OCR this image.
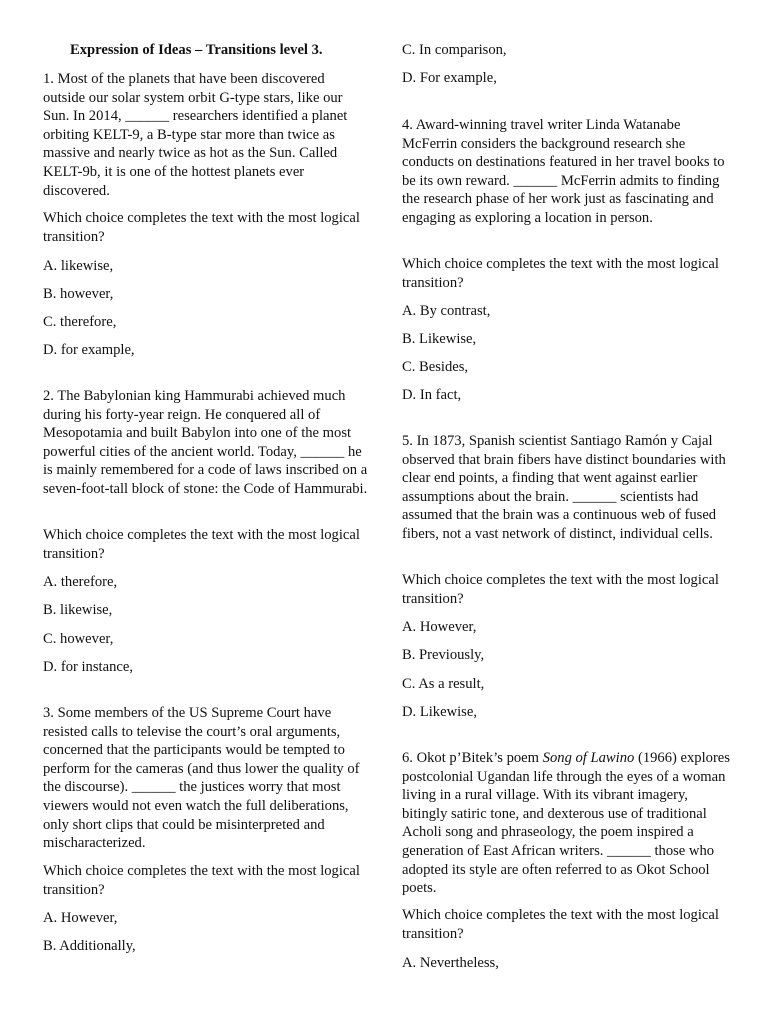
Expression of Ideas – Transitions level 3.

1. Most of the planets that have been discovered outside our solar system orbit G-type stars, like our Sun. In 2014, ______ researchers identified a planet orbiting KELT-9, a B-type star more than twice as massive and nearly twice as hot as the Sun. Called KELT-9b, it is one of the hottest planets ever discovered.

Which choice completes the text with the most logical transition?

A. likewise,
B. however,
C. therefore,
D. for example,

2. The Babylonian king Hammurabi achieved much during his forty-year reign. He conquered all of Mesopotamia and built Babylon into one of the most powerful cities of the ancient world. Today, ______ he is mainly remembered for a code of laws inscribed on a seven-foot-tall block of stone: the Code of Hammurabi.

Which choice completes the text with the most logical transition?

A. therefore,
B. likewise,
C. however,
D. for instance,

3. Some members of the US Supreme Court have resisted calls to televise the court’s oral arguments, concerned that the participants would be tempted to perform for the cameras (and thus lower the quality of the discourse). ______ the justices worry that most viewers would not even watch the full deliberations, only short clips that could be misinterpreted and mischaracterized.

Which choice completes the text with the most logical transition?

A. However,
B. Additionally,
C. In comparison,
D. For example,

4. Award-winning travel writer Linda Watanabe McFerrin considers the background research she conducts on destinations featured in her travel books to be its own reward. ______ McFerrin admits to finding the research phase of her work just as fascinating and engaging as exploring a location in person.

Which choice completes the text with the most logical transition?

A. By contrast,
B. Likewise,
C. Besides,
D. In fact,

5. In 1873, Spanish scientist Santiago Ramón y Cajal observed that brain fibers have distinct boundaries with clear end points, a finding that went against earlier assumptions about the brain. ______ scientists had assumed that the brain was a continuous web of fused fibers, not a vast network of distinct, individual cells.

Which choice completes the text with the most logical transition?

A. However,
B. Previously,
C. As a result,
D. Likewise,

6. Okot p’Bitek’s poem Song of Lawino (1966) explores postcolonial Ugandan life through the eyes of a woman living in a rural village. With its vibrant imagery, bitingly satiric tone, and dexterous use of traditional Acholi song and phraseology, the poem inspired a generation of East African writers. ______ those who adopted its style are often referred to as Okot School poets.

Which choice completes the text with the most logical transition?

A. Nevertheless,
